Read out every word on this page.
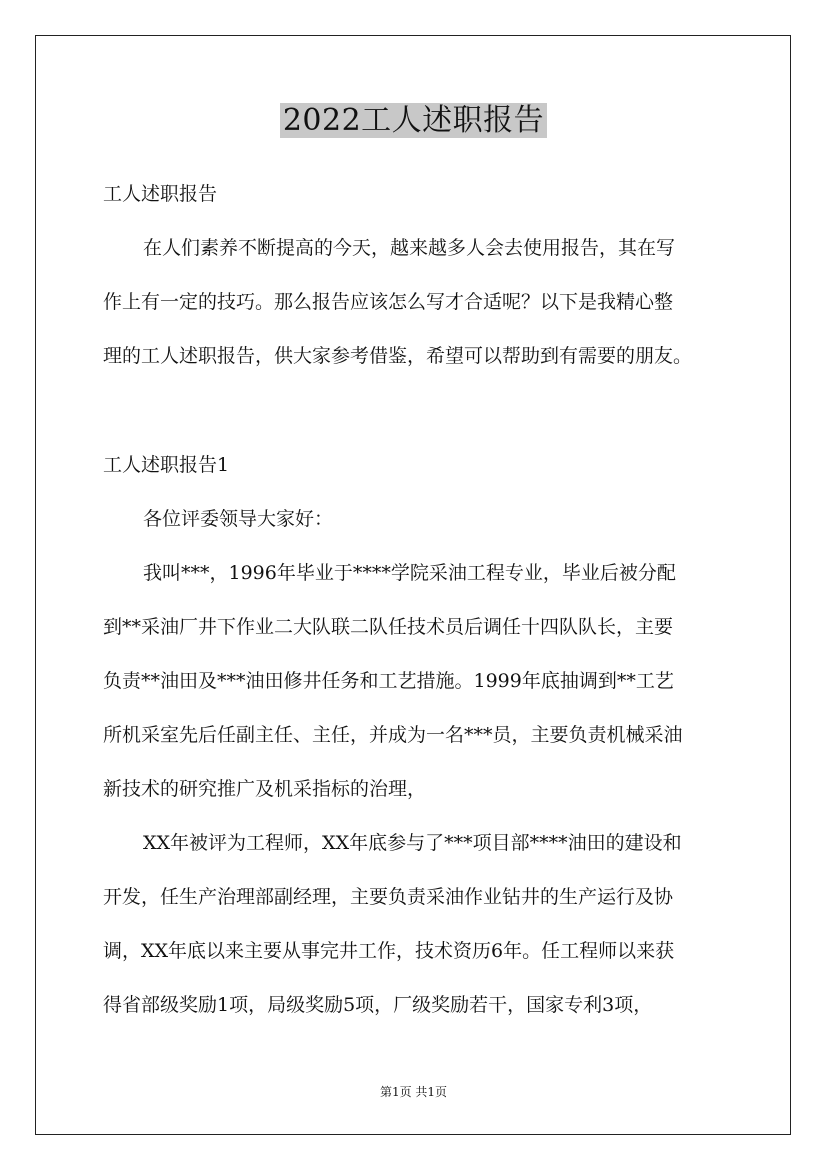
2022工人述职报告
工人述职报告
在人们素养不断提高的今天，越来越多人会去使用报告，其在写
作上有一定的技巧。那么报告应该怎么写才合适呢？以下是我精心整
理的工人述职报告，供大家参考借鉴，希望可以帮助到有需要的朋友。
工人述职报告1
各位评委领导大家好：
我叫***，1996年毕业于****学院采油工程专业，毕业后被分配
到**采油厂井下作业二大队联二队任技术员后调任十四队队长，主要
负责**油田及***油田修井任务和工艺措施。1999年底抽调到**工艺
所机采室先后任副主任、主任，并成为一名***员，主要负责机械采油
新技术的研究推广及机采指标的治理，
XX年被评为工程师，XX年底参与了***项目部****油田的建设和
开发，任生产治理部副经理，主要负责采油作业钻井的生产运行及协
调，XX年底以来主要从事完井工作，技术资历6年。任工程师以来获
得省部级奖励1项，局级奖励5项，厂级奖励若干，国家专利3项，
第1页 共1页
